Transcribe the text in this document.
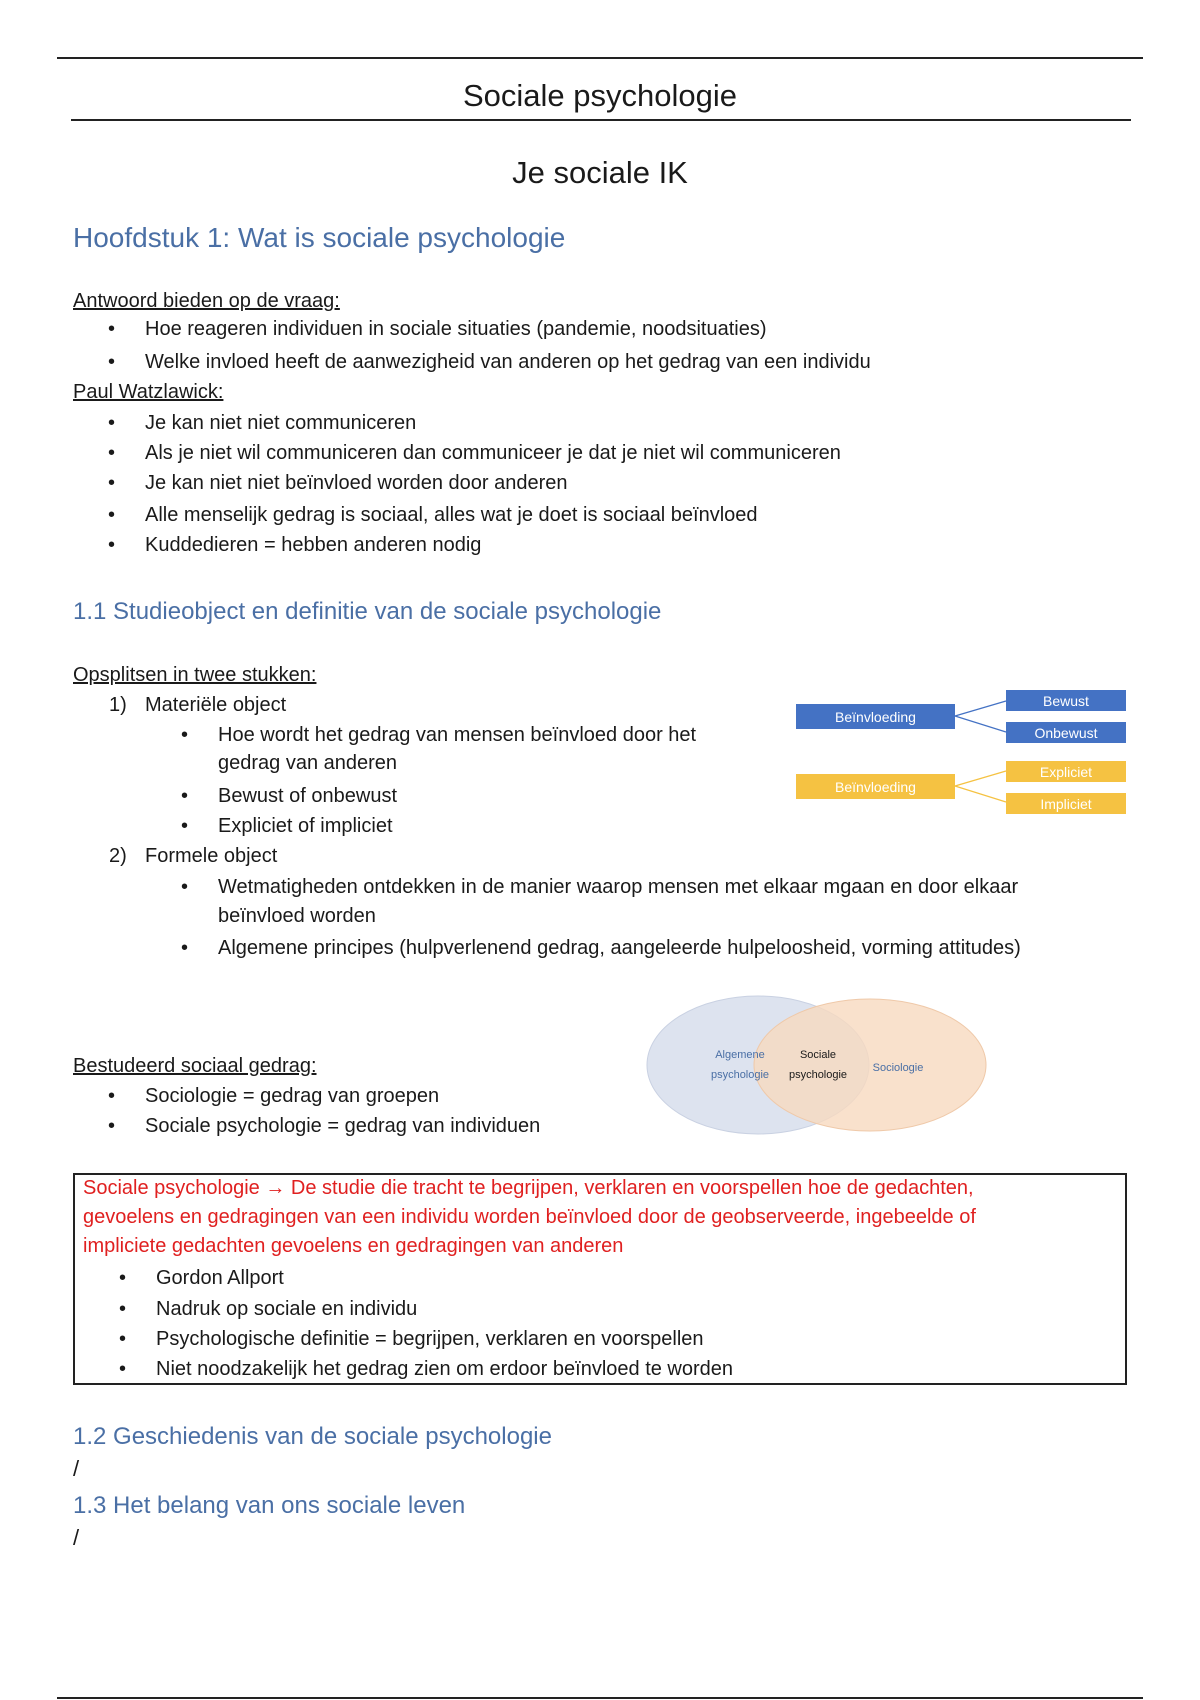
Sociale psychologie
Je sociale IK
Hoofdstuk 1: Wat is sociale psychologie
Antwoord bieden op de vraag:
• Hoe reageren individuen in sociale situaties (pandemie, noodsituaties)
• Welke invloed heeft de aanwezigheid van anderen op het gedrag van een individu
Paul Watzlawick:
• Je kan niet niet communiceren
• Als je niet wil communiceren dan communiceer je dat je niet wil communiceren
• Je kan niet niet beïnvloed worden door anderen
• Alle menselijk gedrag is sociaal, alles wat je doet is sociaal beïnvloed
• Kuddedieren = hebben anderen nodig
1.1 Studieobject en definitie van de sociale psychologie
Opsplitsen in twee stukken:
1) Materiële object
• Hoe wordt het gedrag van mensen beïnvloed door het
gedrag van anderen
• Bewust of onbewust
• Expliciet of impliciet
2) Formele object
• Wetmatigheden ontdekken in de manier waarop mensen met elkaar mgaan en door elkaar
beïnvloed worden
• Algemene principes (hulpverlenend gedrag, aangeleerde hulpeloosheid, vorming attitudes)
Beïnvloeding
Bewust
Onbewust
Beïnvloeding
Expliciet
Impliciet
Algemene
psychologie
Sociale
psychologie
Sociologie
Bestudeerd sociaal gedrag:
• Sociologie = gedrag van groepen
• Sociale psychologie = gedrag van individuen
Sociale psychologie → De studie die tracht te begrijpen, verklaren en voorspellen hoe de gedachten,
gevoelens en gedragingen van een individu worden beïnvloed door de geobserveerde, ingebeelde of
impliciete gedachten gevoelens en gedragingen van anderen
• Gordon Allport
• Nadruk op sociale en individu
• Psychologische definitie = begrijpen, verklaren en voorspellen
• Niet noodzakelijk het gedrag zien om erdoor beïnvloed te worden
1.2 Geschiedenis van de sociale psychologie
/
1.3 Het belang van ons sociale leven
/
